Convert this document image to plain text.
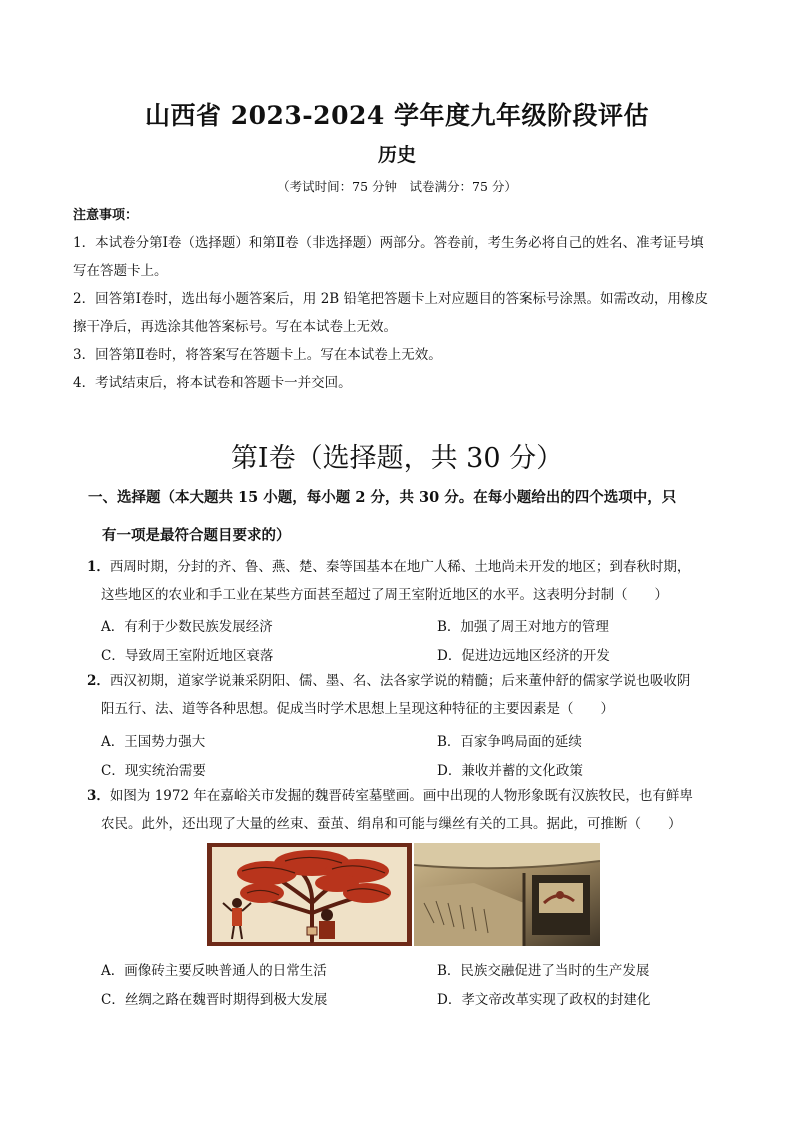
山西省 2023-2024 学年度九年级阶段评估
历史
（考试时间：75 分钟　试卷满分：75 分）
注意事项：
1．本试卷分第Ⅰ卷（选择题）和第Ⅱ卷（非选择题）两部分。答卷前，考生务必将自己的姓名、准考证号填
写在答题卡上。
2．回答第Ⅰ卷时，选出每小题答案后，用 2B 铅笔把答题卡上对应题目的答案标号涂黑。如需改动，用橡皮
擦干净后，再选涂其他答案标号。写在本试卷上无效。
3．回答第Ⅱ卷时，将答案写在答题卡上。写在本试卷上无效。
4．考试结束后，将本试卷和答题卡一并交回。
第Ⅰ卷（选择题，共 30 分）
一、选择题（本大题共 15 小题，每小题 2 分，共 30 分。在每小题给出的四个选项中，只
有一项是最符合题目要求的）
1．西周时期，分封的齐、鲁、燕、楚、秦等国基本在地广人稀、土地尚未开发的地区；到春秋时期，
这些地区的农业和手工业在某些方面甚至超过了周王室附近地区的水平。这表明分封制（　　）
A．有利于少数民族发展经济	B．加强了周王对地方的管理
C．导致周王室附近地区衰落	D．促进边远地区经济的开发
2．西汉初期，道家学说兼采阴阳、儒、墨、名、法各家学说的精髓；后来董仲舒的儒家学说也吸收阴
阳五行、法、道等各种思想。促成当时学术思想上呈现这种特征的主要因素是（　　）
A．王国势力强大	B．百家争鸣局面的延续
C．现实统治需要	D．兼收并蓄的文化政策
3．如图为 1972 年在嘉峪关市发掘的魏晋砖室墓壁画。画中出现的人物形象既有汉族牧民，也有鲜卑
农民。此外，还出现了大量的丝束、蚕茧、绢帛和可能与缫丝有关的工具。据此，可推断（　　）
A．画像砖主要反映普通人的日常生活	B．民族交融促进了当时的生产发展
C．丝绸之路在魏晋时期得到极大发展	D．孝文帝改革实现了政权的封建化
